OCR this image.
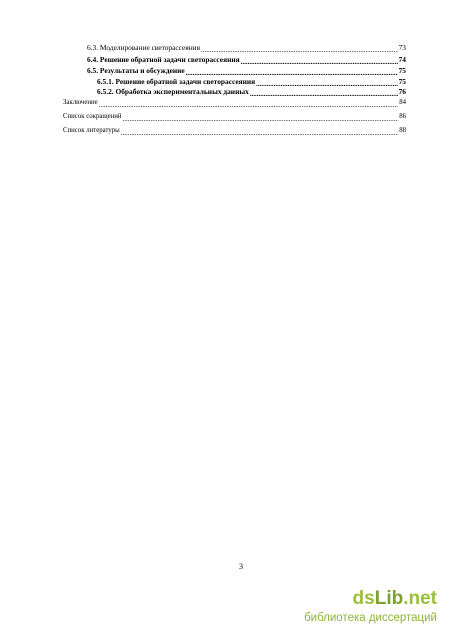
6.3. Моделирование светорассеяния .....	73
6.4. Решение обратной задачи светорассеяния .....	74
6.5. Результаты и обсуждение .....	75
6.5.1. Решение обратной задачи светорассеяния .....	75
6.5.2. Обработка экспериментальных данных .....	76
Заключение .....	84
Список сокращений .....	86
Список литературы .....	88
3
dsLib.net
библиотека диссертаций
